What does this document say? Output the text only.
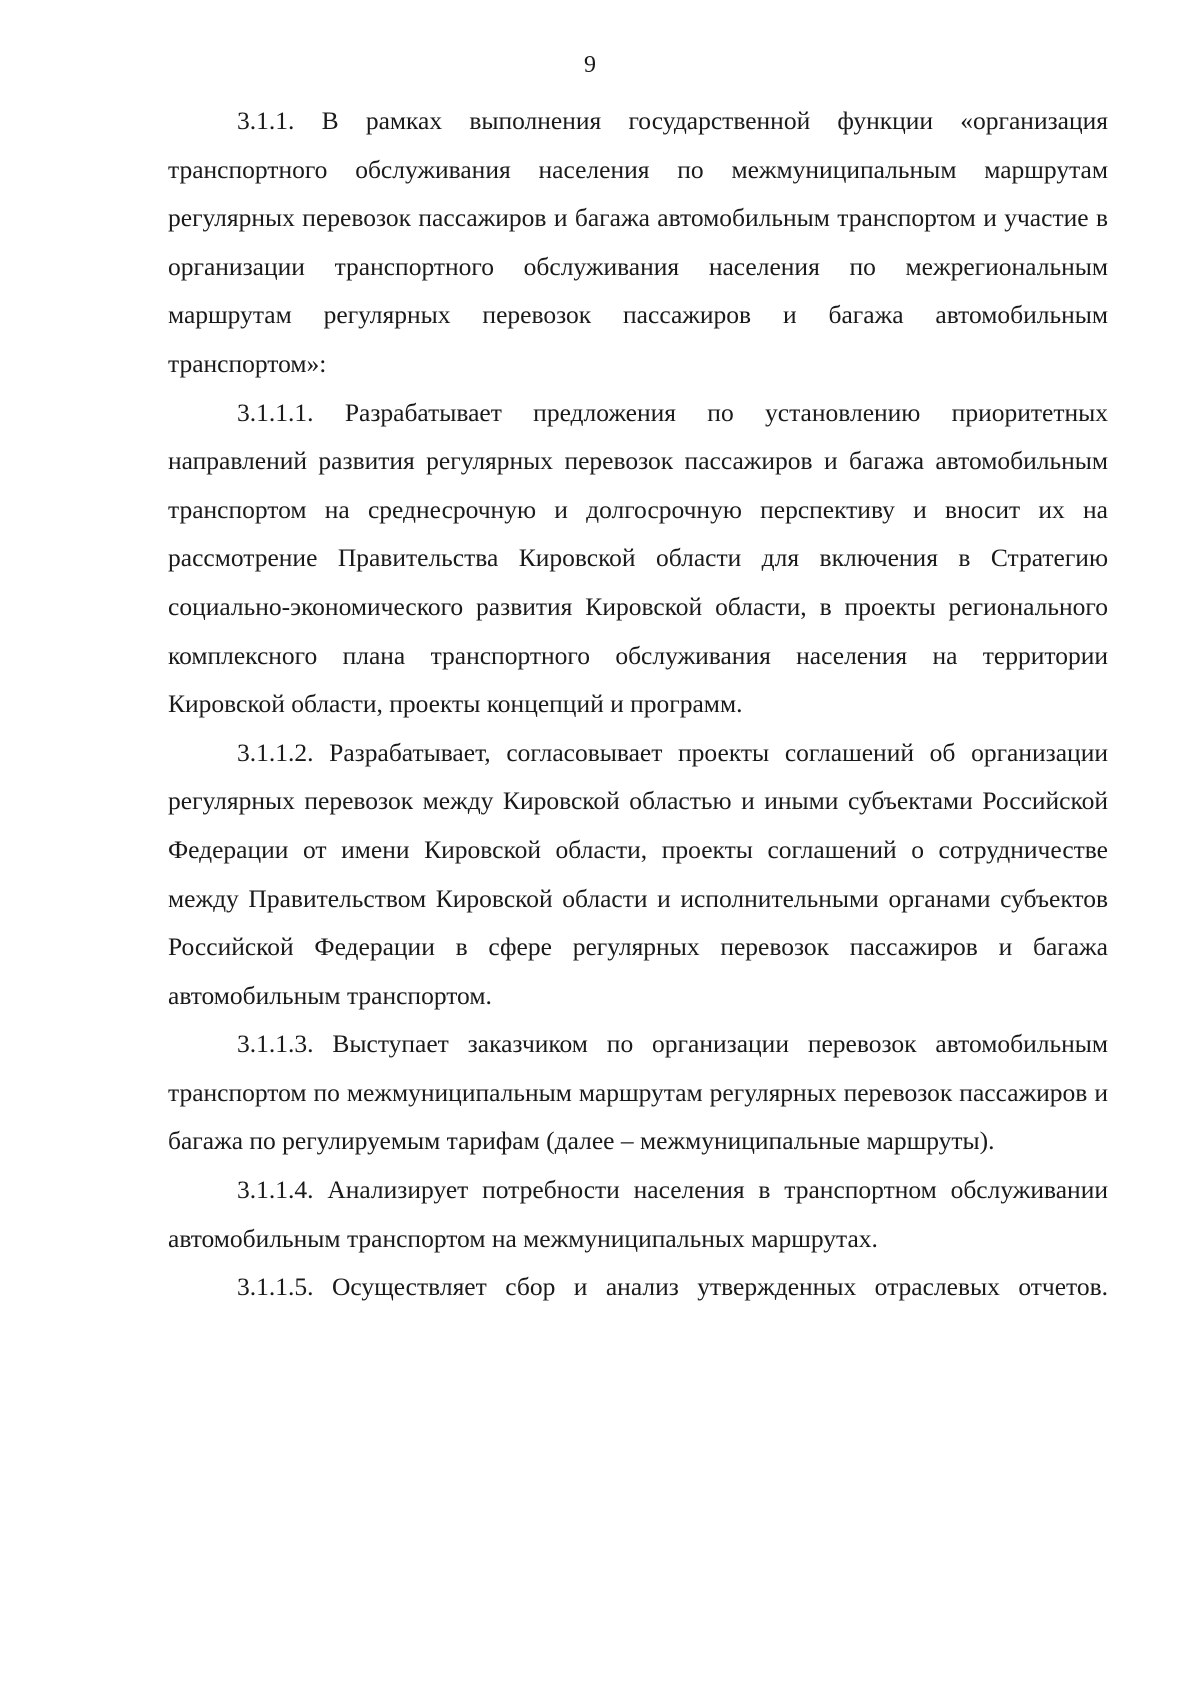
9

3.1.1. В рамках выполнения государственной функции «организация транспортного обслуживания населения по межмуниципальным маршрутам регулярных перевозок пассажиров и багажа автомобильным транспортом и участие в организации транспортного обслуживания населения по межрегиональным маршрутам регулярных перевозок пассажиров и багажа автомобильным транспортом»:

3.1.1.1. Разрабатывает предложения по установлению приоритетных направлений развития регулярных перевозок пассажиров и багажа автомобильным транспортом на среднесрочную и долгосрочную перспективу и вносит их на рассмотрение Правительства Кировской области для включения в Стратегию социально-экономического развития Кировской области, в проекты регионального комплексного плана транспортного обслуживания населения на территории Кировской области, проекты концепций и программ.

3.1.1.2. Разрабатывает, согласовывает проекты соглашений об организации регулярных перевозок между Кировской областью и иными субъектами Российской Федерации от имени Кировской области, проекты соглашений о сотрудничестве между Правительством Кировской области и исполнительными органами субъектов Российской Федерации в сфере регулярных перевозок пассажиров и багажа автомобильным транспортом.

3.1.1.3. Выступает заказчиком по организации перевозок автомобильным транспортом по межмуниципальным маршрутам регулярных перевозок пассажиров и багажа по регулируемым тарифам (далее – межмуниципальные маршруты).

3.1.1.4. Анализирует потребности населения в транспортном обслуживании автомобильным транспортом на межмуниципальных маршрутах.

3.1.1.5. Осуществляет сбор и анализ утвержденных отраслевых отчетов.
